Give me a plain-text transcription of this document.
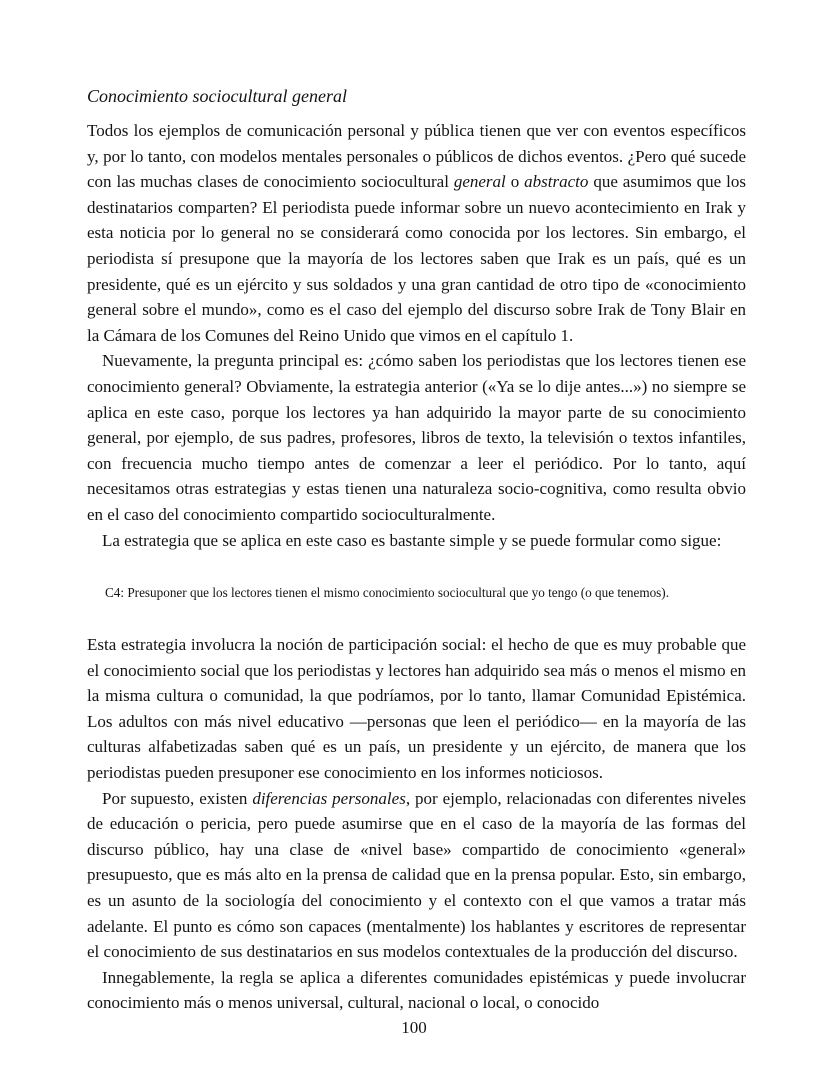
Conocimiento sociocultural general

Todos los ejemplos de comunicación personal y pública tienen que ver con eventos específicos y, por lo tanto, con modelos mentales personales o públicos de dichos eventos. ¿Pero qué sucede con las muchas clases de conocimiento sociocultural general o abstracto que asumimos que los destinatarios comparten? El periodista puede informar sobre un nuevo acontecimiento en Irak y esta noticia por lo general no se considerará como conocida por los lectores. Sin embargo, el periodista sí presupone que la mayoría de los lectores saben que Irak es un país, qué es un presidente, qué es un ejército y sus soldados y una gran cantidad de otro tipo de «conocimiento general sobre el mundo», como es el caso del ejemplo del discurso sobre Irak de Tony Blair en la Cámara de los Comunes del Reino Unido que vimos en el capítulo 1.

Nuevamente, la pregunta principal es: ¿cómo saben los periodistas que los lectores tienen ese conocimiento general? Obviamente, la estrategia anterior («Ya se lo dije antes...») no siempre se aplica en este caso, porque los lectores ya han adquirido la mayor parte de su conocimiento general, por ejemplo, de sus padres, profesores, libros de texto, la televisión o textos infantiles, con frecuencia mucho tiempo antes de comenzar a leer el periódico. Por lo tanto, aquí necesitamos otras estrategias y estas tienen una naturaleza socio-cognitiva, como resulta obvio en el caso del conocimiento compartido socioculturalmente.

La estrategia que se aplica en este caso es bastante simple y se puede formular como sigue:

C4: Presuponer que los lectores tienen el mismo conocimiento sociocultural que yo tengo (o que tenemos).

Esta estrategia involucra la noción de participación social: el hecho de que es muy probable que el conocimiento social que los periodistas y lectores han adquirido sea más o menos el mismo en la misma cultura o comunidad, la que podríamos, por lo tanto, llamar Comunidad Epistémica. Los adultos con más nivel educativo —personas que leen el periódico— en la mayoría de las culturas alfabetizadas saben qué es un país, un presidente y un ejército, de manera que los periodistas pueden presuponer ese conocimiento en los informes noticiosos.

Por supuesto, existen diferencias personales, por ejemplo, relacionadas con diferentes niveles de educación o pericia, pero puede asumirse que en el caso de la mayoría de las formas del discurso público, hay una clase de «nivel base» compartido de conocimiento «general» presupuesto, que es más alto en la prensa de calidad que en la prensa popular. Esto, sin embargo, es un asunto de la sociología del conocimiento y el contexto con el que vamos a tratar más adelante. El punto es cómo son capaces (mentalmente) los hablantes y escritores de representar el conocimiento de sus destinatarios en sus modelos contextuales de la producción del discurso.

Innegablemente, la regla se aplica a diferentes comunidades epistémicas y puede involucrar conocimiento más o menos universal, cultural, nacional o local, o conocido

100
